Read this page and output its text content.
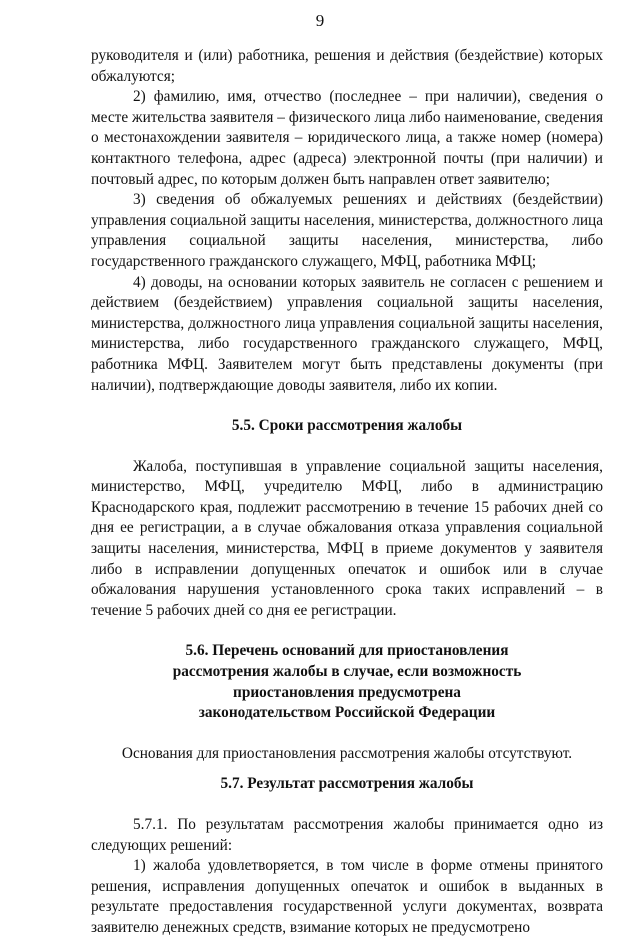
9

руководителя и (или) работника, решения и действия (бездействие) которых обжалуются;

2) фамилию, имя, отчество (последнее – при наличии), сведения о месте жительства заявителя – физического лица либо наименование, сведения о местонахождении заявителя – юридического лица, а также номер (номера) контактного телефона, адрес (адреса) электронной почты (при наличии) и почтовый адрес, по которым должен быть направлен ответ заявителю;

3) сведения об обжалуемых решениях и действиях (бездействии) управления социальной защиты населения, министерства, должностного лица управления социальной защиты населения, министерства, либо государственного гражданского служащего, МФЦ, работника МФЦ;

4) доводы, на основании которых заявитель не согласен с решением и действием (бездействием) управления социальной защиты населения, министерства, должностного лица управления социальной защиты населения, министерства, либо государственного гражданского служащего, МФЦ, работника МФЦ. Заявителем могут быть представлены документы (при наличии), подтверждающие доводы заявителя, либо их копии.

5.5. Сроки рассмотрения жалобы

Жалоба, поступившая в управление социальной защиты населения, министерство, МФЦ, учредителю МФЦ, либо в администрацию Краснодарского края, подлежит рассмотрению в течение 15 рабочих дней со дня ее регистрации, а в случае обжалования отказа управления социальной защиты населения, министерства, МФЦ в приеме документов у заявителя либо в исправлении допущенных опечаток и ошибок или в случае обжалования нарушения установленного срока таких исправлений – в течение 5 рабочих дней со дня ее регистрации.

5.6. Перечень оснований для приостановления
рассмотрения жалобы в случае, если возможность
приостановления предусмотрена
законодательством Российской Федерации

Основания для приостановления рассмотрения жалобы отсутствуют.

5.7. Результат рассмотрения жалобы

5.7.1. По результатам рассмотрения жалобы принимается одно из следующих решений:

1) жалоба удовлетворяется, в том числе в форме отмены принятого решения, исправления допущенных опечаток и ошибок в выданных в результате предоставления государственной услуги документах, возврата заявителю денежных средств, взимание которых не предусмотрено
